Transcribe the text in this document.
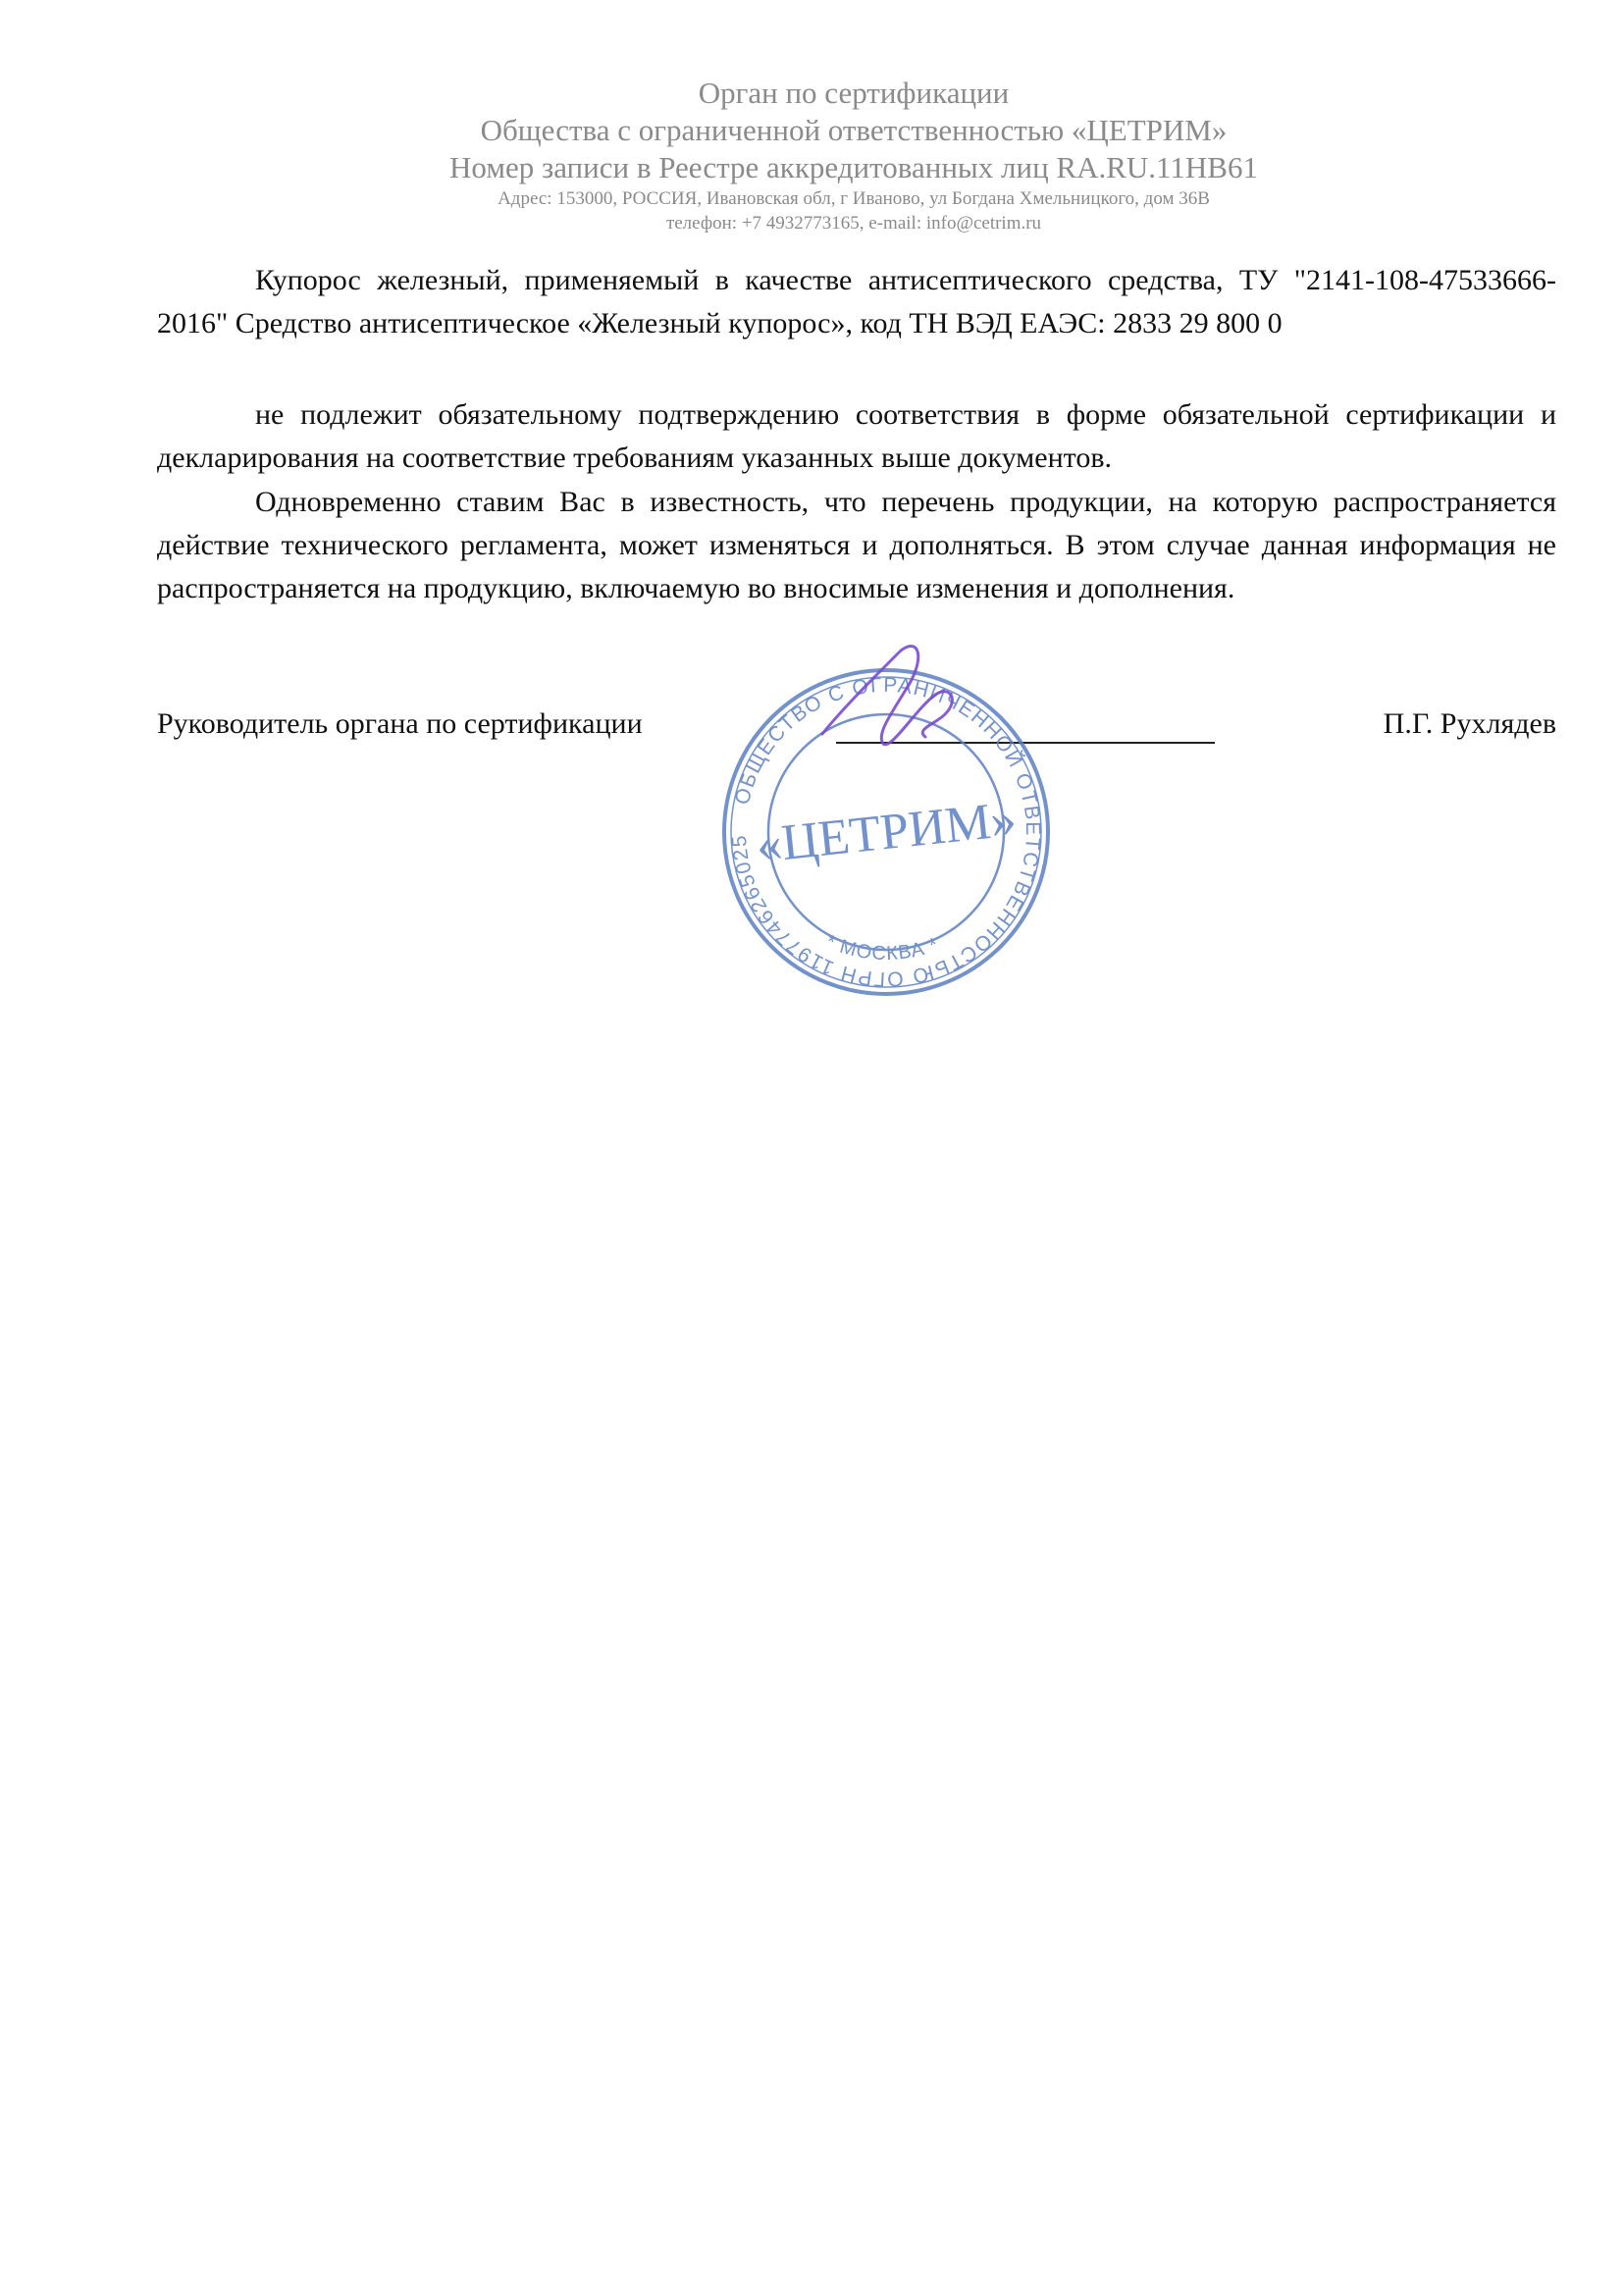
Орган по сертификации
Общества с ограниченной ответственностью «ЦЕТРИМ»
Номер записи в Реестре аккредитованных лиц RA.RU.11НВ61
Адрес: 153000, РОССИЯ, Ивановская обл, г Иваново, ул Богдана Хмельницкого, дом 36В
телефон: +7 4932773165, e-mail: info@cetrim.ru
Купорос железный, применяемый в качестве антисептического средства, ТУ "2141-108-47533666-2016" Средство антисептическое «Железный купорос», код ТН ВЭД ЕАЭС: 2833 29 800 0
не подлежит обязательному подтверждению соответствия в форме обязательной сертификации и декларирования на соответствие требованиям указанных выше документов.
Одновременно ставим Вас в известность, что перечень продукции, на которую распространяется действие технического регламента, может изменяться и дополняться. В этом случае данная информация не распространяется на продукцию, включаемую во вносимые изменения и дополнения.
Руководитель органа по сертификации	П.Г. Рухлядев
ОБЩЕСТВО С ОГРАНИЧЕННОЙ ОТВЕТСТВЕННОСТЬЮ ОГРН 1197746265025 «ЦЕТРИМ»
* МОСКВА *
